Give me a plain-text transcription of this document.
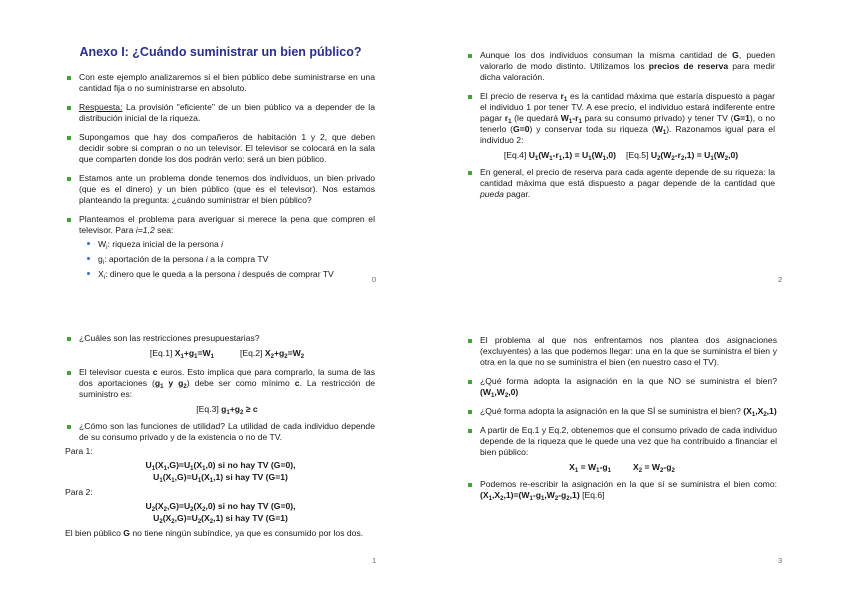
Anexo I: ¿Cuándo suministrar un bien público?
Con este ejemplo analizaremos si el bien público debe suministrarse en una cantidad fija o no suministrarse en absoluto.
Respuesta: La provisión "eficiente" de un bien público va a depender de la distribución inicial de la riqueza.
Supongamos que hay dos compañeros de habitación 1 y 2, que deben decidir sobre si compran o no un televisor. El televisor se colocará en la sala que comparten donde los dos podrán verlo: será un bien público.
Estamos ante un problema donde tenemos dos individuos, un bien privado (que es el dinero) y un bien público (que es el televisor). Nos estamos planteando la pregunta: ¿cuándo suministrar el bien público?
Planteamos el problema para averiguar si merece la pena que compren el televisor. Para i=1,2 sea:
$W_i$: riqueza inicial de la persona i
$g_i$: aportación de la persona i a la compra TV
$X_i$: dinero que le queda a la persona i después de comprar TV
0
Aunque los dos individuos consuman la misma cantidad de G, pueden valorarlo de modo distinto. Utilizamos los precios de reserva para medir dicha valoración.
El precio de reserva $r_1$ es la cantidad máxima que estaría dispuesto a pagar el individuo 1 por tener TV. A ese precio, el individuo estará indiferente entre pagar $r_1$ (le quedará $W_1-r_1$ para su consumo privado) y tener TV (G=1), o no tenerlo (G=0) y conservar toda su riqueza $(W_1)$. Razonamos igual para el individuo 2:
[Eq.4] $U_1(W_1-r_1,1) = U_1(W_1,0)$ [Eq.5] $U_2(W_2-r_2,1) = U_1(W_2,0)$
En general, el precio de reserva para cada agente depende de su riqueza: la cantidad máxima que está dispuesto a pagar depende de la cantidad que pueda pagar.
2
¿Cuáles son las restricciones presupuestarias?
[Eq.1] $X_1+g_1=W_1$	[Eq.2] $X_2+g_2=W_2$
El televisor cuesta c euros. Esto implica que para comprarlo, la suma de las dos aportaciones ($g_1$ y $g_2$) debe ser como mínimo c. La restricción de suministro es:
[Eq.3] $g_1+g_2 \ge c$
¿Cómo son las funciones de utilidad? La utilidad de cada individuo depende de su consumo privado y de la existencia o no de TV.
Para 1:
$U_1(X_1,G)=U_1(X_1,0)$ si no hay TV (G=0),
$U_1(X_1,G)=U_1(X_1,1)$ si hay TV (G=1)
Para 2:
$U_2(X_2,G)=U_2(X_2,0)$ si no hay TV (G=0),
$U_2(X_2,G)=U_2(X_2,1)$ si hay TV (G=1)
El bien público G no tiene ningún subíndice, ya que es consumido por los dos.
1
El problema al que nos enfrentamos nos plantea dos asignaciones (excluyentes) a las que podemos llegar: una en la que se suministra el bien y otra en la que no se suministra el bien (en nuestro caso el TV).
¿Qué forma adopta la asignación en la que NO se suministra el bien? $(W_1,W_2,0)$
¿Qué forma adopta la asignación en la que SÍ se suministra el bien? $(X_1,X_2,1)$
A partir de Eq.1 y Eq.2, obtenemos que el consumo privado de cada individuo depende de la riqueza que le quede una vez que ha contribuido a financiar el bien público:
$X_1 = W_1-g_1$	$X_2 = W_2-g_2$
Podemos re-escribir la asignación en la que sí se suministra el bien como: $(X_1,X_2,1)=(W_1-g_1,W_2-g_2,1)$ [Eq.6]
3
